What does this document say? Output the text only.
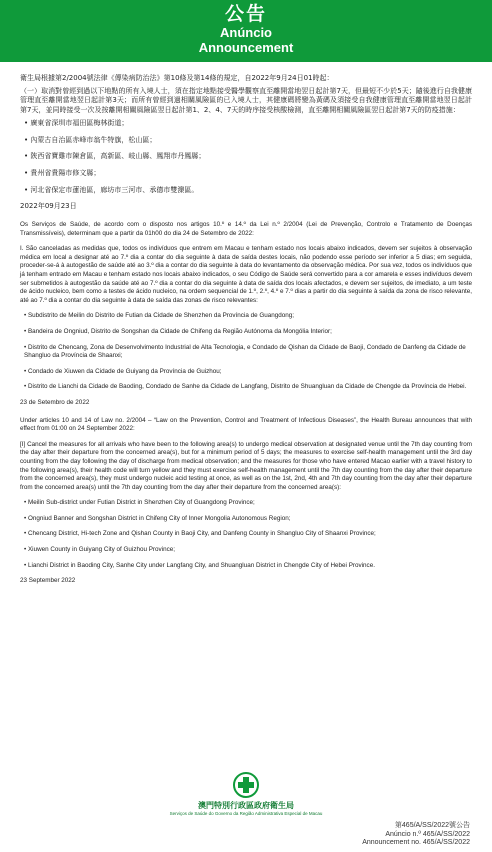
公告
Anúncio
Announcement

衛生局根據第2/2004號法律《傳染病防治法》第10條及第14條的規定，自2022年9月24日01時起：

（一）取消對曾經到過以下地點的所有入境人士，須在指定地點接受醫學觀察直至離開當地翌日起計第7天，但最短不少於5天；隨後進行自我健康管理直至離開當地翌日起計第3天；而所有曾經到過相關風險區的已入境人士，其健康碼將變為黃碼及須接受自我健康管理直至離開當地翌日起計第7天，並同時接受一次及按離開相關風險區翌日起計第1、2、4、7天的時序接受核酸檢測，直至離開相關風險區翌日起計第7天的防疫措施：

• 廣東省深圳市福田區梅林街道；
• 內蒙古自治區赤峰市翁牛特旗，松山區；
• 陝西省寶雞市陳倉區，高新區、岐山縣、鳳翔市丹鳳縣；
• 貴州省貴陽市修文縣；
• 河北省保定市蓮池區，廊坊市三河市、承德市雙灤區。
2022年09月23日

Os Serviços de Saúde, de acordo com o disposto nos artigos 10.º e 14.º da Lei n.º 2/2004 (Lei de Prevenção, Controlo e Tratamento de Doenças Transmissíveis), determinam que a partir da 01h00 do dia 24 de Setembro de 2022:

I. São canceladas as medidas que, todos os indivíduos que entrem em Macau e tenham estado nos locais abaixo indicados, devem ser sujeitos à observação médica em local a designar até ao 7.º dia a contar do dia seguinte à data de saída destes locais, não podendo esse período ser inferior a 5 dias; em seguida, proceder-se-á à autogestão de saúde até ao 3.º dia a contar do dia seguinte à data do levantamento da observação médica. Por sua vez, todos os indivíduos que já tenham entrado em Macau e tenham estado nos locais abaixo indicados, o seu Código de Saúde será convertido para a cor amarela e esses indivíduos devem ser submetidos à autogestão da saúde até ao 7.º dia a contar do dia seguinte à data de saída dos locais afectados, e devem ser sujeitos, de imediato, a um teste de ácido nucleico, bem como a testes de ácido nucleico, na ordem sequencial de 1.º, 2.º, 4.º e 7.º dias a partir do dia seguinte à saída da zona de risco relevante, até ao 7.º dia a contar do dia seguinte à data de saída das zonas de risco relevantes:

• Subdistrito de Meilin do Distrito de Futian da Cidade de Shenzhen da Província de Guangdong;
• Bandeira de Ongniud, Distrito de Songshan da Cidade de Chifeng da Região Autónoma da Mongólia Interior;
• Distrito de Chencang, Zona de Desenvolvimento Industrial de Alta Tecnologia, e Condado de Qishan da Cidade de Baoji, Condado de Danfeng da Cidade de Shangluo da Província de Shaanxi;
• Condado de Xiuwen da Cidade de Guiyang da Província de Guizhou;
• Distrito de Lianchi da Cidade de Baoding, Condado de Sanhe da Cidade de Langfang, Distrito de Shuangluan da Cidade de Chengde da Província de Hebei.
23 de Setembro de 2022

Under articles 10 and 14 of Law no. 2/2004 – “Law on the Prevention, Control and Treatment of Infectious Diseases”, the Health Bureau announces that with effect from 01:00 on 24 September 2022:

[I] Cancel the measures for all arrivals who have been to the following area(s) to undergo medical observation at designated venue until the 7th day counting from the day after their departure from the concerned area(s), but for a minimum period of 5 days; the measures to exercise self-health management until the 3rd day counting from the day following the day of discharge from medical observation; and the measures for those who have entered Macao earlier with a travel history to the following area(s), their health code will turn yellow and they must exercise self-health management until the 7th day counting from the day after their departure from the concerned area(s), they must undergo nucleic acid testing at once, as well as on the 1st, 2nd, 4th and 7th day counting from the day after their departure from the concerned area(s) until the 7th day counting from the day after their departure from the concerned area(s):

• Meilin Sub-district under Futian District in Shenzhen City of Guangdong Province;
• Ongniud Banner and Songshan District in Chifeng City of Inner Mongolia Autonomous Region;
• Chencang District, Hi-tech Zone and Qishan County in Baoji City, and Danfeng County in Shangluo City of Shaanxi Province;
• Xiuwen County in Guiyang City of Guizhou Province;
• Lianchi District in Baoding City, Sanhe City under Langfang City, and Shuangluan District in Chengde City of Hebei Province.
23 September 2022
澳門特別行政區政府衛生局
Serviços de Saúde do Governo da Região Administrativa Especial de Macau
第465/A/SS/2022號公告
Anúncio n.º 465/A/SS/2022
Announcement no. 465/A/SS/2022
